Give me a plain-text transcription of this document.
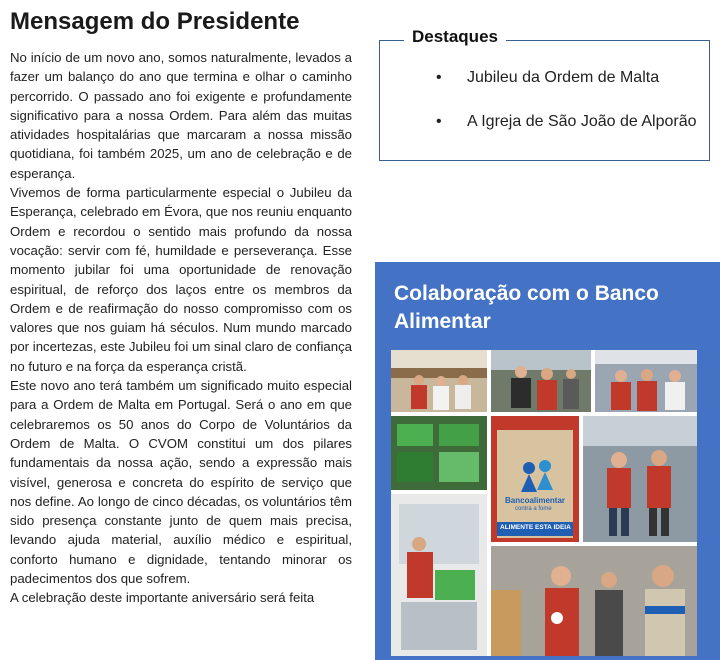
Mensagem do Presidente

No início de um novo ano, somos naturalmente, levados a fazer um balanço do ano que termina e olhar o caminho percorrido. O passado ano foi exigente e profundamente significativo para a nossa Ordem. Para além das muitas atividades hospitalárias que marcaram a nossa missão quotidiana, foi também 2025, um ano de celebração e de esperança.

Vivemos de forma particularmente especial o Jubileu da Esperança, celebrado em Évora, que nos reuniu enquanto Ordem e recordou o sentido mais profundo da nossa vocação: servir com fé, humildade e perseverança. Esse momento jubilar foi uma oportunidade de renovação espiritual, de reforço dos laços entre os membros da Ordem e de reafirmação do nosso compromisso com os valores que nos guiam há séculos. Num mundo marcado por incertezas, este Jubileu foi um sinal claro de confiança no futuro e na força da esperança cristã.

Este novo ano terá também um significado muito especial para a Ordem de Malta em Portugal. Será o ano em que celebraremos os 50 anos do Corpo de Voluntários da Ordem de Malta. O CVOM constitui um dos pilares fundamentais da nossa ação, sendo a expressão mais visível, generosa e concreta do espírito de serviço que nos define. Ao longo de cinco décadas, os voluntários têm sido presença constante junto de quem mais precisa, levando ajuda material, auxílio médico e espiritual, conforto humano e dignidade, tentando minorar os padecimentos dos que sofrem.

A celebração deste importante aniversário será feita

Destaques
• Jubileu da Ordem de Malta
• A Igreja de São João de Alporão
Colaboração com o Banco Alimentar
Bancoalimentar
contra a fome
ALIMENTE ESTA IDEIA
